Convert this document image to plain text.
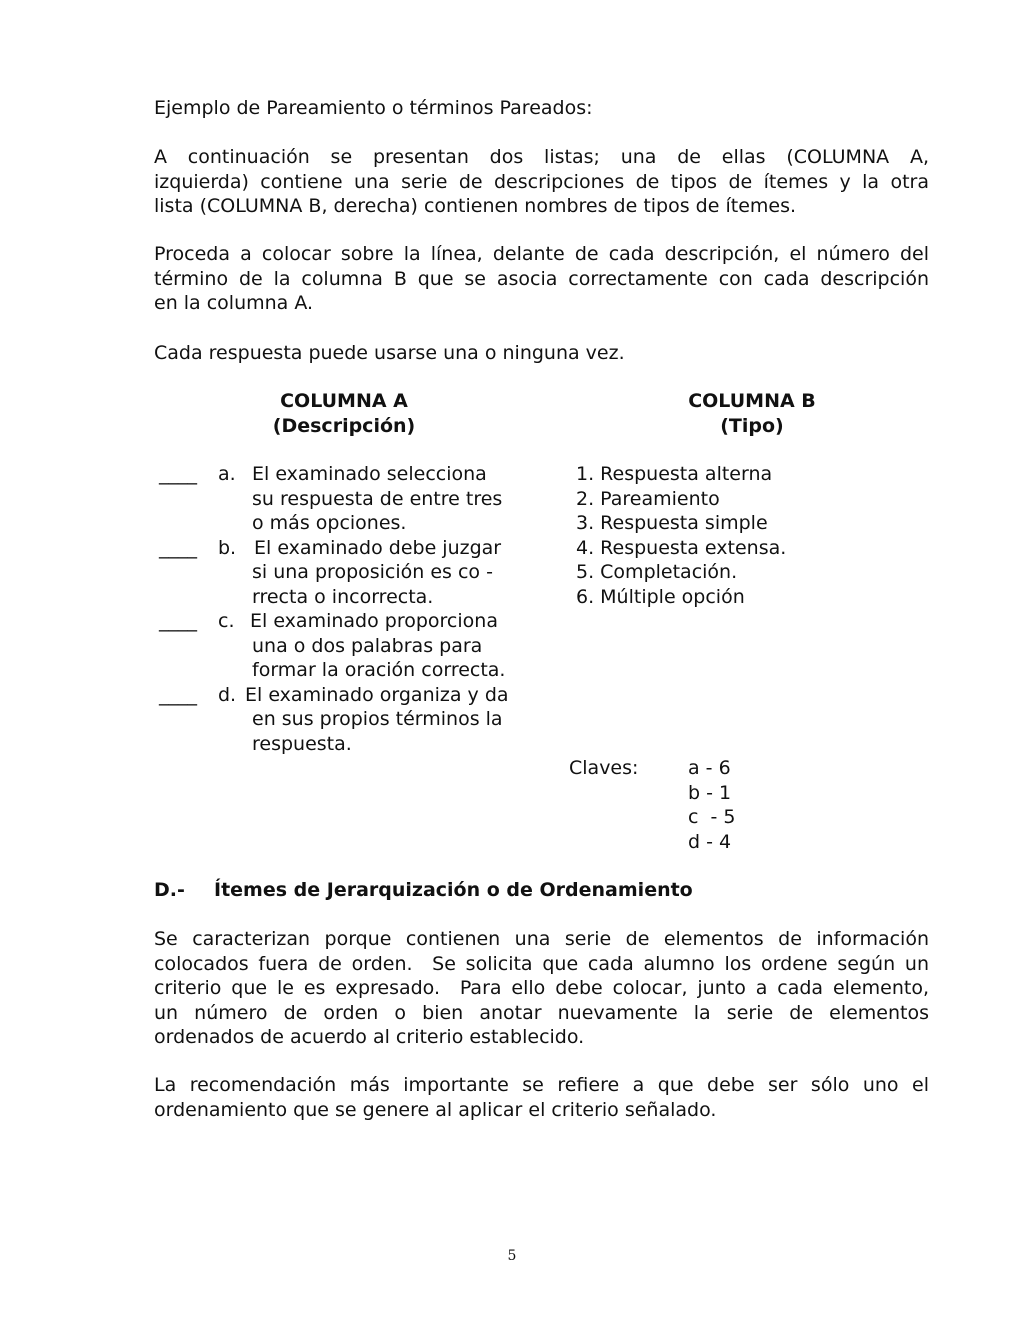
Ejemplo de Pareamiento o términos Pareados:
A continuación se presentan dos listas; una de ellas (COLUMNA A,
izquierda) contiene una serie de descripciones de tipos de ítemes y la otra
lista (COLUMNA B, derecha) contienen nombres de tipos de ítemes.
Proceda a colocar sobre la línea, delante de cada descripción, el número del
término de la columna B que se asocia correctamente con cada descripción
en la columna A.
Cada respuesta puede usarse una o ninguna vez.
COLUMNA A
(Descripción)
COLUMNA B
(Tipo)
____ a. El examinado selecciona
su respuesta de entre tres
o más opciones.
____ b. El examinado debe juzgar
si una proposición es co -
rrecta o incorrecta.
____ c. El examinado proporciona
una o dos palabras para
formar la oración correcta.
____ d. El examinado organiza y da
en sus propios términos la
respuesta.
1. Respuesta alterna
2. Pareamiento
3. Respuesta simple
4. Respuesta extensa.
5. Completación.
6. Múltiple opción
Claves:	a - 6
b - 1
c  - 5
d - 4
D.- Ítemes de Jerarquización o de Ordenamiento
Se caracterizan porque contienen una serie de elementos de información
colocados fuera de orden.  Se solicita que cada alumno los ordene según un
criterio que le es expresado.  Para ello debe colocar, junto a cada elemento,
un número de orden o bien anotar nuevamente la serie de elementos
ordenados de acuerdo al criterio establecido.
La recomendación más importante se refiere a que debe ser sólo uno el
ordenamiento que se genere al aplicar el criterio señalado.
5
